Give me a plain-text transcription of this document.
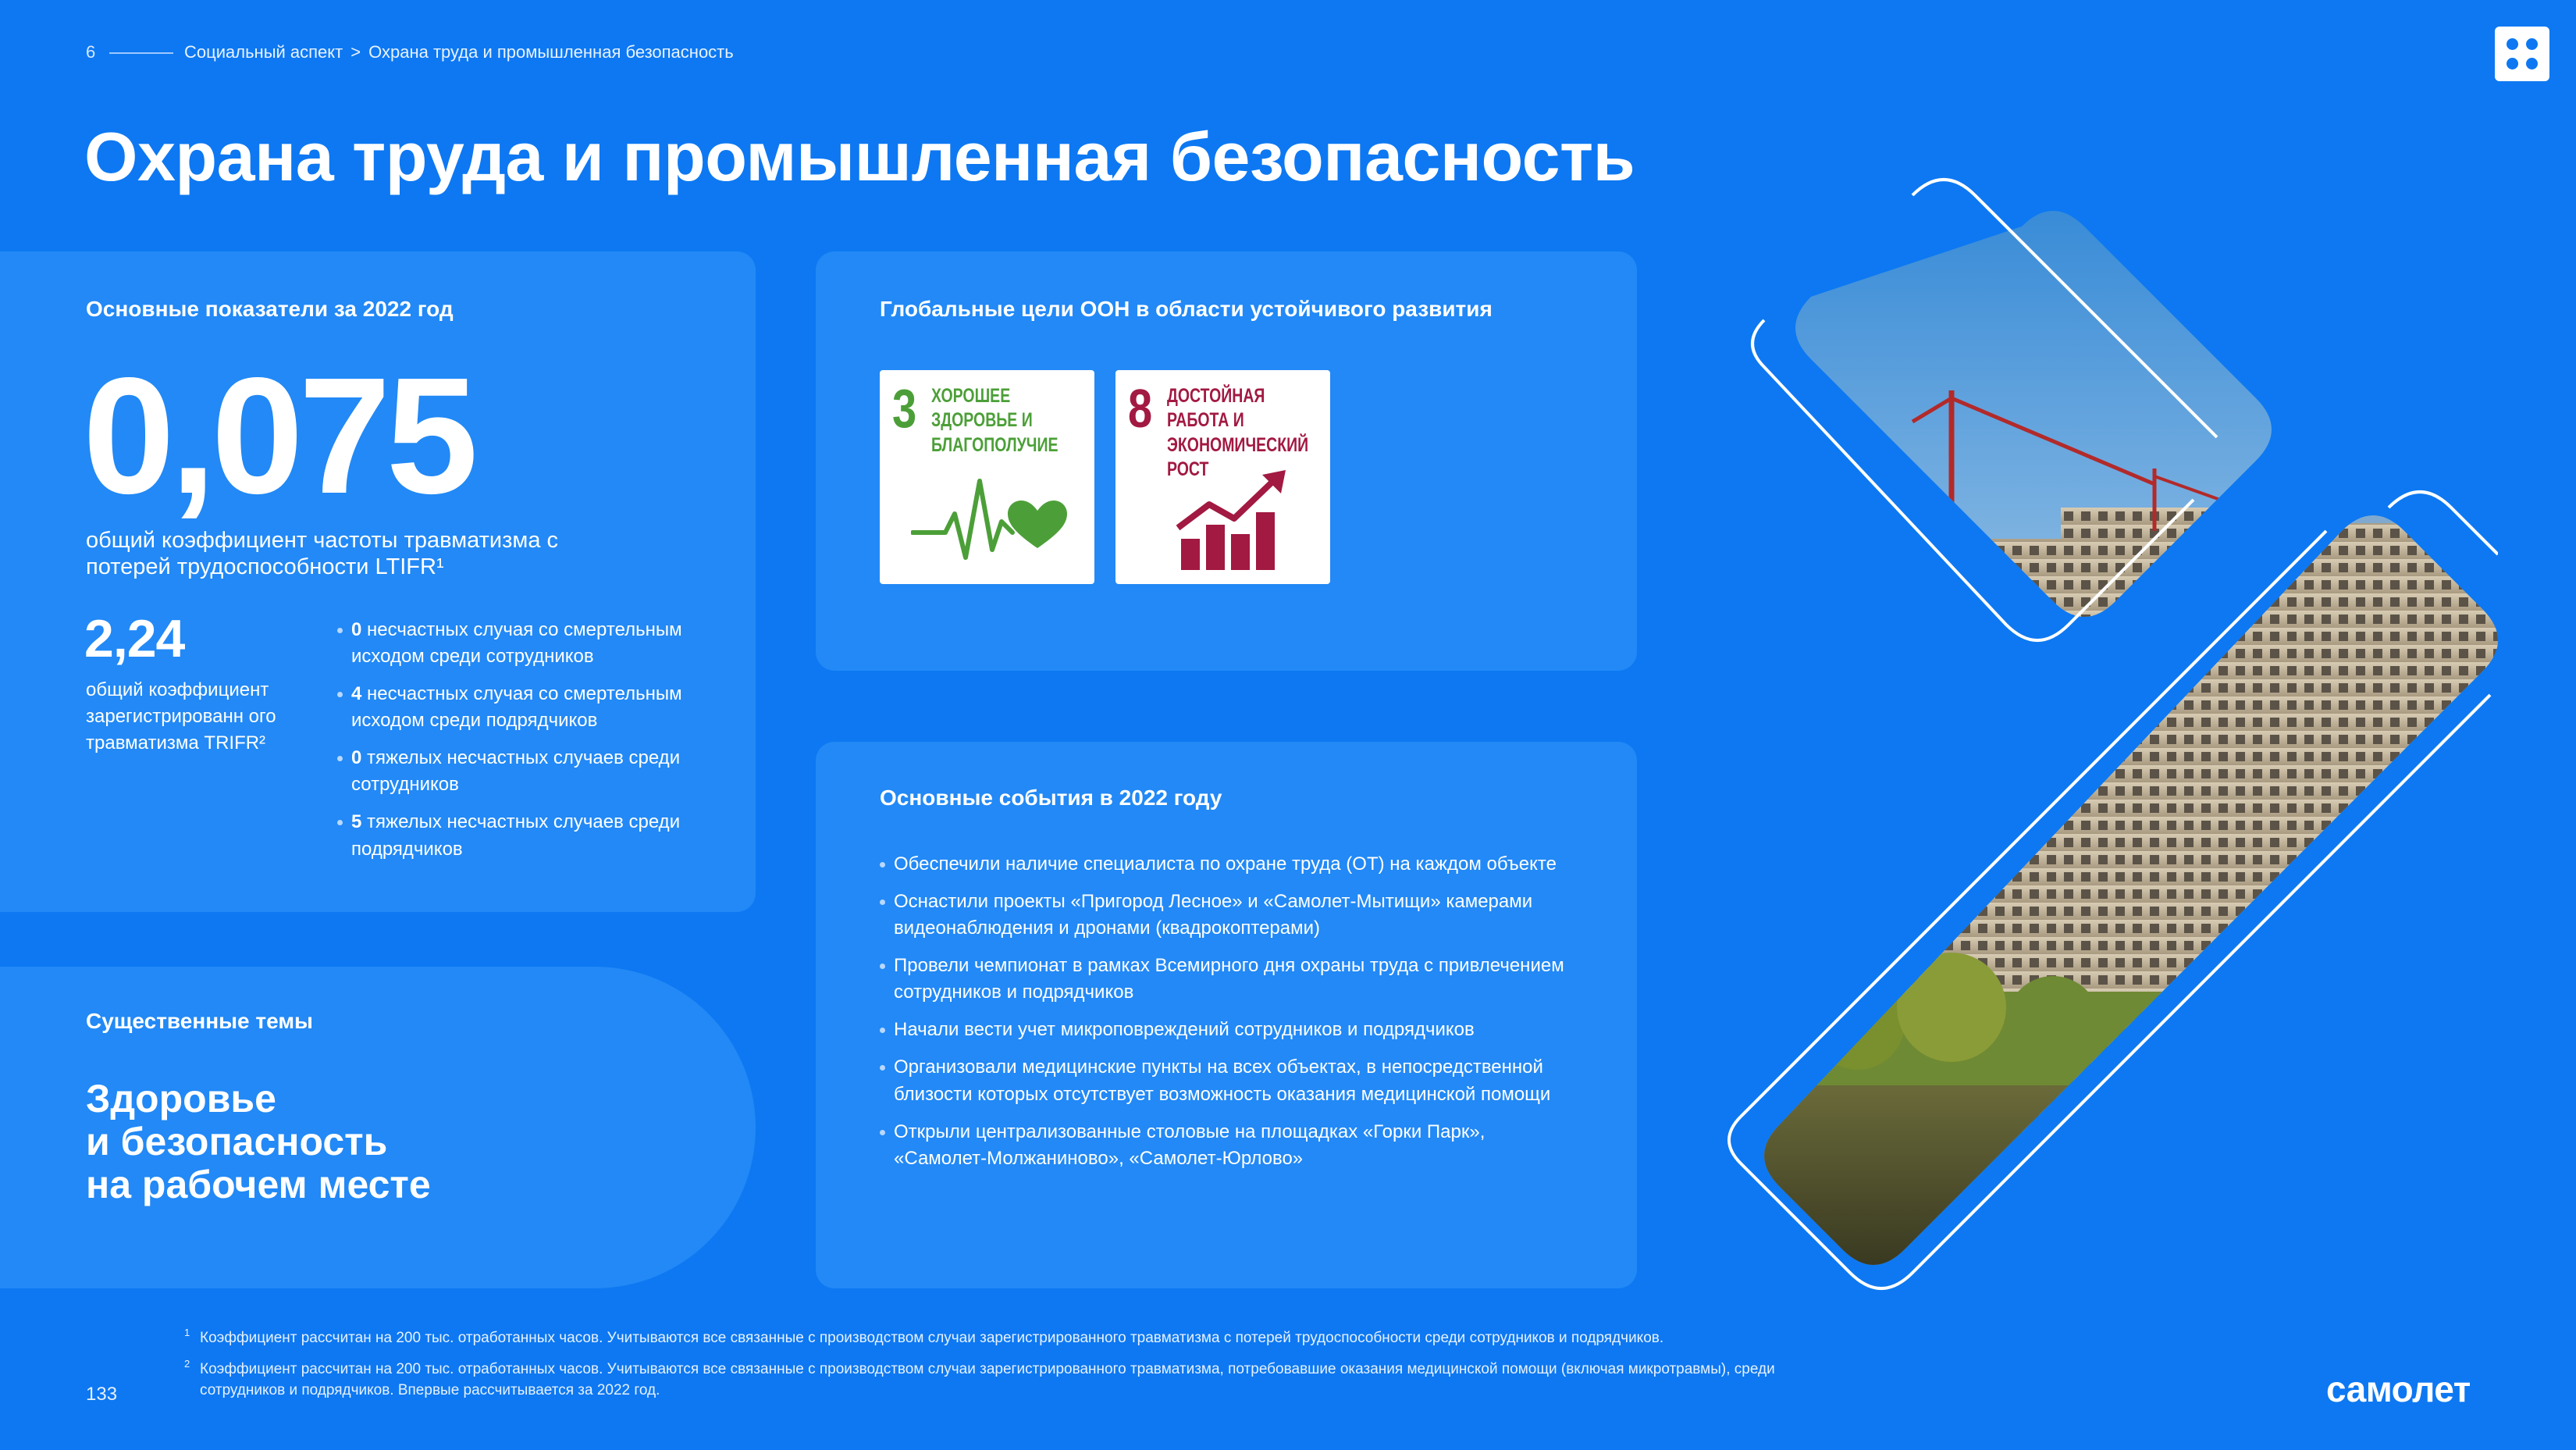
6	Социальный аспект > Охрана труда и промышленная безопасность
Охрана труда и промышленная безопасность
Основные показатели за 2022 год
0,075
общий коэффициент частоты травматизма с потерей трудоспособности LTIFR¹
2,24
общий коэффициент зарегистрированн ого травматизма TRIFR²
0 несчастных случая со смертельным исходом среди сотрудников
4 несчастных случая со смертельным исходом среди подрядчиков
0 тяжелых несчастных случаев среди сотрудников
5 тяжелых несчастных случаев среди подрядчиков
Существенные темы
Здоровье
и безопасность
на рабочем месте
Глобальные цели ООН в области устойчивого развития
3 ХОРОШЕЕ ЗДОРОВЬЕ И БЛАГОПОЛУЧИЕ
8 ДОСТОЙНАЯ РАБОТА И ЭКОНОМИЧЕСКИЙ РОСТ
Основные события в 2022 году
Обеспечили наличие специалиста по охране труда (ОТ) на каждом объекте
Оснастили проекты «Пригород Лесное» и «Самолет-Мытищи» камерами видеонаблюдения и дронами (квадрокоптерами)
Провели чемпионат в рамках Всемирного дня охраны труда с привлечением сотрудников и подрядчиков
Начали вести учет микроповреждений сотрудников и подрядчиков
Организовали медицинские пункты на всех объектах, в непосредственной близости которых отсутствует возможность оказания медицинской помощи
Открыли централизованные столовые на площадках «Горки Парк», «Самолет-Молжаниново», «Самолет-Юрлово»
1 Коэффициент рассчитан на 200 тыс. отработанных часов. Учитываются все связанные с производством случаи зарегистрированного травматизма с потерей трудоспособности среди сотрудников и подрядчиков.
2 Коэффициент рассчитан на 200 тыс. отработанных часов. Учитываются все связанные с производством случаи зарегистрированного травматизма, потребовавшие оказания медицинской помощи (включая микротравмы), среди сотрудников и подрядчиков. Впервые рассчитывается за 2022 год.
133	самолет
